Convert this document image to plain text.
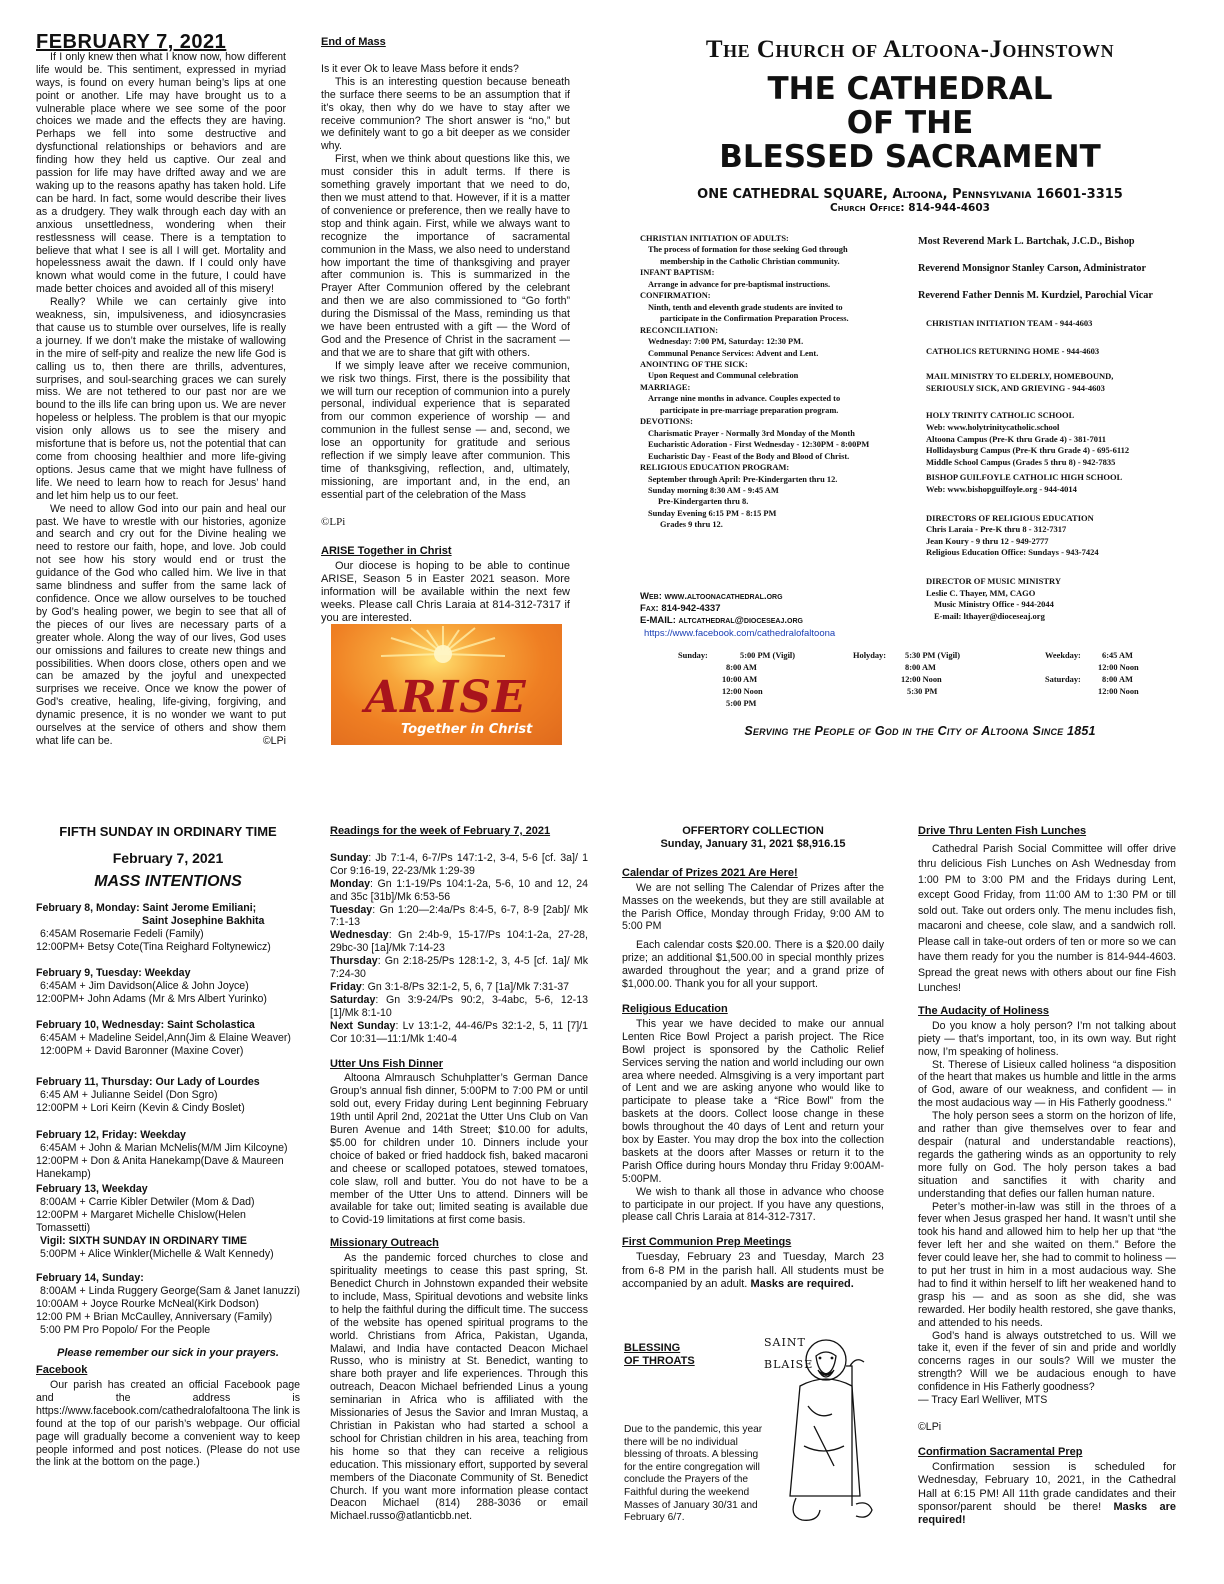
FEBRUARY 7, 2021

If I only knew then what I know now, how different life would be. This sentiment, expressed in myriad ways, is found on every human being’s lips at one point or another. Life may have brought us to a vulnerable place where we see some of the poor choices we made and the effects they are having. Perhaps we fell into some destructive and dysfunctional relationships or behaviors and are finding how they held us captive. Our zeal and passion for life may have drifted away and we are waking up to the reasons apathy has taken hold. Life can be hard. In fact, some would describe their lives as a drudgery. They walk through each day with an anxious unsettledness, wondering when their restlessness will cease. There is a temptation to believe that what I see is all I will get. Mortality and hopelessness await the dawn. If I could only have known what would come in the future, I could have made better choices and avoided all of this misery!

Really? While we can certainly give into weakness, sin, impulsiveness, and idiosyncrasies that cause us to stumble over ourselves, life is really a journey. If we don’t make the mistake of wallowing in the mire of self-pity and realize the new life God is calling us to, then there are thrills, adventures, surprises, and soul-searching graces we can surely miss. We are not tethered to our past nor are we bound to the ills life can bring upon us. We are never hopeless or helpless. The problem is that our myopic vision only allows us to see the misery and misfortune that is before us, not the potential that can come from choosing healthier and more life-giving options. Jesus came that we might have fullness of life. We need to learn how to reach for Jesus’ hand and let him help us to our feet.

We need to allow God into our pain and heal our past. We have to wrestle with our histories, agonize and search and cry out for the Divine healing we need to restore our faith, hope, and love. Job could not see how his story would end or trust the guidance of the God who called him. We live in that same blindness and suffer from the same lack of confidence. Once we allow ourselves to be touched by God’s healing power, we begin to see that all of the pieces of our lives are necessary parts of a greater whole. Along the way of our lives, God uses our omissions and failures to create new things and possibilities. When doors close, others open and we can be amazed by the joyful and unexpected surprises we receive. Once we know the power of God’s creative, healing, life-giving, forgiving, and dynamic presence, it is no wonder we want to put ourselves at the service of others and show them what life can be.	©LPi
End of Mass
Is it ever Ok to leave Mass before it ends?

This is an interesting question because beneath the surface there seems to be an assumption that if it’s okay, then why do we have to stay after we receive communion? The short answer is “no,” but we definitely want to go a bit deeper as we consider why.

First, when we think about questions like this, we must consider this in adult terms. If there is something gravely important that we need to do, then we must attend to that. However, if it is a matter of convenience or preference, then we really have to stop and think again. First, while we always want to recognize the importance of sacramental communion in the Mass, we also need to understand how important the time of thanksgiving and prayer after communion is. This is summarized in the Prayer After Communion offered by the celebrant and then we are also commissioned to “Go forth” during the Dismissal of the Mass, reminding us that we have been entrusted with a gift — the Word of God and the Presence of Christ in the sacrament — and that we are to share that gift with others.

If we simply leave after we receive communion, we risk two things. First, there is the possibility that we will turn our reception of communion into a purely personal, individual experience that is separated from our common experience of worship — and communion in the fullest sense — and, second, we lose an opportunity for gratitude and serious reflection if we simply leave after communion. This time of thanksgiving, reflection, and, ultimately, missioning, are important and, in the end, an essential part of the celebration of the Mass

©LPi
ARISE Together in Christ

Our diocese is hoping to be able to continue ARISE, Season 5 in Easter 2021 season. More information will be available within the next few weeks. Please call Chris Laraia at 814-312-7317 if you are interested.

ARISE
Together in Christ
The Church of Altoona-Johnstown
THE CATHEDRAL
OF THE
BLESSED SACRAMENT
ONE CATHEDRAL SQUARE, Altoona, Pennsylvania 16601-3315
Church Office: 814-944-4603
CHRISTIAN INITIATION OF ADULTS:
The process of formation for those seeking God through
membership in the Catholic Christian community.
INFANT BAPTISM:
Arrange in advance for pre-baptismal instructions.
CONFIRMATION:
Ninth, tenth and eleventh grade students are invited to
participate in the Confirmation Preparation Process.
RECONCILIATION:
Wednesday: 7:00 PM, Saturday: 12:30 PM.
Communal Penance Services: Advent and Lent.
ANOINTING OF THE SICK:
Upon Request and Communal celebration
MARRIAGE:
Arrange nine months in advance. Couples expected to
participate in pre-marriage preparation program.
DEVOTIONS:
Charismatic Prayer - Normally 3rd Monday of the Month
Eucharistic Adoration - First Wednesday - 12:30PM - 8:00PM
Eucharistic Day - Feast of the Body and Blood of Christ.
RELIGIOUS EDUCATION PROGRAM:
September through April: Pre-Kindergarten thru 12.
Sunday morning 8:30 AM - 9:45 AM
Pre-Kindergarten thru 8.
Sunday Evening 6:15 PM - 8:15 PM
Grades 9 thru 12.
Web: www.altoonacathedral.org
Fax: 814-942-4337
E-MAIL: altcathedral@dioceseaj.org
https://www.facebook.com/cathedralofaltoona
Most Reverend Mark L. Bartchak, J.C.D., Bishop
Reverend Monsignor Stanley Carson, Administrator
Reverend Father Dennis M. Kurdziel, Parochial Vicar
CHRISTIAN INITIATION TEAM - 944-4603
CATHOLICS RETURNING HOME - 944-4603
MAIL MINISTRY TO ELDERLY, HOMEBOUND,
SERIOUSLY SICK, AND GRIEVING - 944-4603
HOLY TRINITY CATHOLIC SCHOOL
Web: www.holytrinitycatholic.school
Altoona Campus (Pre-K thru Grade 4) - 381-7011
Hollidaysburg Campus (Pre-K thru Grade 4) - 695-6112
Middle School Campus (Grades 5 thru 8) - 942-7835
BISHOP GUILFOYLE CATHOLIC HIGH SCHOOL
Web: www.bishopguilfoyle.org - 944-4014
DIRECTORS OF RELIGIOUS EDUCATION
Chris Laraia - Pre-K thru 8 - 312-7317
Jean Koury - 9 thru 12 - 949-2777
Religious Education Office: Sundays - 943-7424
DIRECTOR OF MUSIC MINISTRY
Leslie C. Thayer, MM, CAGO
Music Ministry Office - 944-2044
E-mail: lthayer@dioceseaj.org
Sunday:	5:00 PM (Vigil)
8:00 AM
10:00 AM
12:00 Noon
5:00 PM
Holyday: 5:30 PM (Vigil)
8:00 AM
12:00 Noon
5:30 PM
Weekday:	6:45 AM
12:00 Noon
Saturday:	8:00 AM
12:00 Noon
Serving the People of God in the City of Altoona Since 1851
FIFTH SUNDAY IN ORDINARY TIME
February 7, 2021
MASS INTENTIONS
February 8, Monday: Saint Jerome Emiliani;
Saint Josephine Bakhita
6:45AM Rosemarie Fedeli (Family)
12:00PM+ Betsy Cote(Tina Reighard Foltynewicz)
February 9, Tuesday: Weekday
6:45AM + Jim Davidson(Alice & John Joyce)
12:00PM+ John Adams (Mr & Mrs Albert Yurinko)
February 10, Wednesday: Saint Scholastica
6:45AM + Madeline Seidel,Ann(Jim & Elaine Weaver)
12:00PM + David Baronner (Maxine Cover)
February 11, Thursday: Our Lady of Lourdes
6:45 AM + Julianne Seidel (Don Sgro)
12:00PM + Lori Keirn (Kevin & Cindy Boslet)
February 12, Friday: Weekday
6:45AM + John & Marian McNelis(M/M Jim Kilcoyne)
12:00PM + Don & Anita Hanekamp(Dave & Maureen Hanekamp)
February 13, Weekday
8:00AM + Carrie Kibler Detwiler (Mom & Dad)
12:00PM + Margaret Michelle Chislow(Helen Tomassetti)
Vigil: SIXTH SUNDAY IN ORDINARY TIME
5:00PM + Alice Winkler(Michelle & Walt Kennedy)
February 14, Sunday:
8:00AM + Linda Ruggery George(Sam & Janet Ianuzzi)
10:00AM + Joyce Rourke McNeal(Kirk Dodson)
12:00 PM + Brian McCaulley, Anniversary (Family)
5:00 PM Pro Popolo/ For the People
Please remember our sick in your prayers.
Facebook

Our parish has created an official Facebook page and the address is https://www.facebook.com/cathedralofaltoona The link is found at the top of our parish’s webpage. Our official page will gradually become a convenient way to keep people informed and post notices. (Please do not use the link at the bottom on the page.)

Readings for the week of February 7, 2021
Sunday: Jb 7:1-4, 6-7/Ps 147:1-2, 3-4, 5-6 [cf. 3a]/ 1 Cor 9:16-19, 22-23/Mk 1:29-39
Monday: Gn 1:1-19/Ps 104:1-2a, 5-6, 10 and 12, 24 and 35c [31b]/Mk 6:53-56
Tuesday: Gn 1:20—2:4a/Ps 8:4-5, 6-7, 8-9 [2ab]/ Mk 7:1-13
Wednesday: Gn 2:4b-9, 15-17/Ps 104:1-2a, 27-28, 29bc-30 [1a]/Mk 7:14-23
Thursday: Gn 2:18-25/Ps 128:1-2, 3, 4-5 [cf. 1a]/ Mk 7:24-30
Friday: Gn 3:1-8/Ps 32:1-2, 5, 6, 7 [1a]/Mk 7:31-37
Saturday: Gn 3:9-24/Ps 90:2, 3-4abc, 5-6, 12-13 [1]/Mk 8:1-10
Next Sunday: Lv 13:1-2, 44-46/Ps 32:1-2, 5, 11 [7]/1 Cor 10:31—11:1/Mk 1:40-4
Utter Uns Fish Dinner

Altoona Almrausch Schuhplatter’s German Dance Group’s annual fish dinner, 5:00PM to 7:00 PM or until sold out, every Friday during Lent beginning February 19th until April 2nd, 2021at the Utter Uns Club on Van Buren Avenue and 14th Street; $10.00 for adults, $5.00 for children under 10. Dinners include your choice of baked or fried haddock fish, baked macaroni and cheese or scalloped potatoes, stewed tomatoes, cole slaw, roll and butter. You do not have to be a member of the Utter Uns to attend. Dinners will be available for take out; limited seating is available due to Covid-19 limitations at first come basis.

Missionary Outreach

As the pandemic forced churches to close and spirituality meetings to cease this past spring, St. Benedict Church in Johnstown expanded their website to include, Mass, Spiritual devotions and website links to help the faithful during the difficult time. The success of the website has opened spiritual programs to the world. Christians from Africa, Pakistan, Uganda, Malawi, and India have contacted Deacon Michael Russo, who is ministry at St. Benedict, wanting to share both prayer and life experiences. Through this outreach, Deacon Michael befriended Linus a young seminarian in Africa who is affiliated with the Missionaries of Jesus the Savior and Imran Mustaq, a Christian in Pakistan who had started a school a school for Christian children in his area, teaching from his home so that they can receive a religious education. This missionary effort, supported by several members of the Diaconate Community of St. Benedict Church. If you want more information please contact Deacon Michael (814) 288-3036 or email Michael.russo@atlanticbb.net.

OFFERTORY COLLECTION
Sunday, January 31, 2021 $8,916.15
Calendar of Prizes 2021 Are Here!

We are not selling The Calendar of Prizes after the Masses on the weekends, but they are still available at the Parish Office, Monday through Friday, 9:00 AM to 5:00 PM

Each calendar costs $20.00. There is a $20.00 daily prize; an additional $1,500.00 in special monthly prizes awarded throughout the year; and a grand prize of $1,000.00. Thank you for all your support.

Religious Education

This year we have decided to make our annual Lenten Rice Bowl Project a parish project. The Rice Bowl project is sponsored by the Catholic Relief Services serving the nation and world including our own area where needed. Almsgiving is a very important part of Lent and we are asking anyone who would like to participate to please take a “Rice Bowl” from the baskets at the doors. Collect loose change in these bowls throughout the 40 days of Lent and return your box by Easter. You may drop the box into the collection baskets at the doors after Masses or return it to the Parish Office during hours Monday thru Friday 9:00AM-5:00PM.

We wish to thank all those in advance who choose to participate in our project. If you have any questions, please call Chris Laraia at 814-312-7317.

First Communion Prep Meetings

Tuesday, February 23 and Tuesday, March 23 from 6-8 PM in the parish hall. All students must be accompanied by an adult. Masks are required.

BLESSING
OF THROATS
Due to the pandemic, this year there will be no individual blessing of throats. A blessing for the entire congregation will conclude the Prayers of the Faithful during the weekend Masses of January 30/31 and February 6/7.
SAINT
BLAISE
Drive Thru Lenten Fish Lunches

Cathedral Parish Social Committee will offer drive thru delicious Fish Lunches on Ash Wednesday from 1:00 PM to 3:00 PM and the Fridays during Lent, except Good Friday, from 11:00 AM to 1:30 PM or till sold out. Take out orders only. The menu includes fish, macaroni and cheese, cole slaw, and a sandwich roll. Please call in take-out orders of ten or more so we can have them ready for you the number is 814-944-4603. Spread the great news with others about our fine Fish Lunches!

The Audacity of Holiness

Do you know a holy person? I’m not talking about piety — that’s important, too, in its own way. But right now, I’m speaking of holiness.

St. Therese of Lisieux called holiness “a disposition of the heart that makes us humble and little in the arms of God, aware of our weakness, and confident — in the most audacious way — in His Fatherly goodness.”

The holy person sees a storm on the horizon of life, and rather than give themselves over to fear and despair (natural and understandable reactions), regards the gathering winds as an opportunity to rely more fully on God. The holy person takes a bad situation and sanctifies it with charity and understanding that defies our fallen human nature.

Peter’s mother-in-law was still in the throes of a fever when Jesus grasped her hand. It wasn’t until she took his hand and allowed him to help her up that “the fever left her and she waited on them.” Before the fever could leave her, she had to commit to holiness — to put her trust in him in a most audacious way. She had to find it within herself to lift her weakened hand to grasp his — and as soon as she did, she was rewarded. Her bodily health restored, she gave thanks, and attended to his needs.

God’s hand is always outstretched to us. Will we take it, even if the fever of sin and pride and worldly concerns rages in our souls? Will we muster the strength? Will we be audacious enough to have confidence in His Fatherly goodness?

— Tracy Earl Welliver, MTS
©LPi
Confirmation Sacramental Prep

Confirmation session is scheduled for Wednesday, February 10, 2021, in the Cathedral Hall at 6:15 PM! All 11th grade candidates and their sponsor/parent should be there! Masks are required!
